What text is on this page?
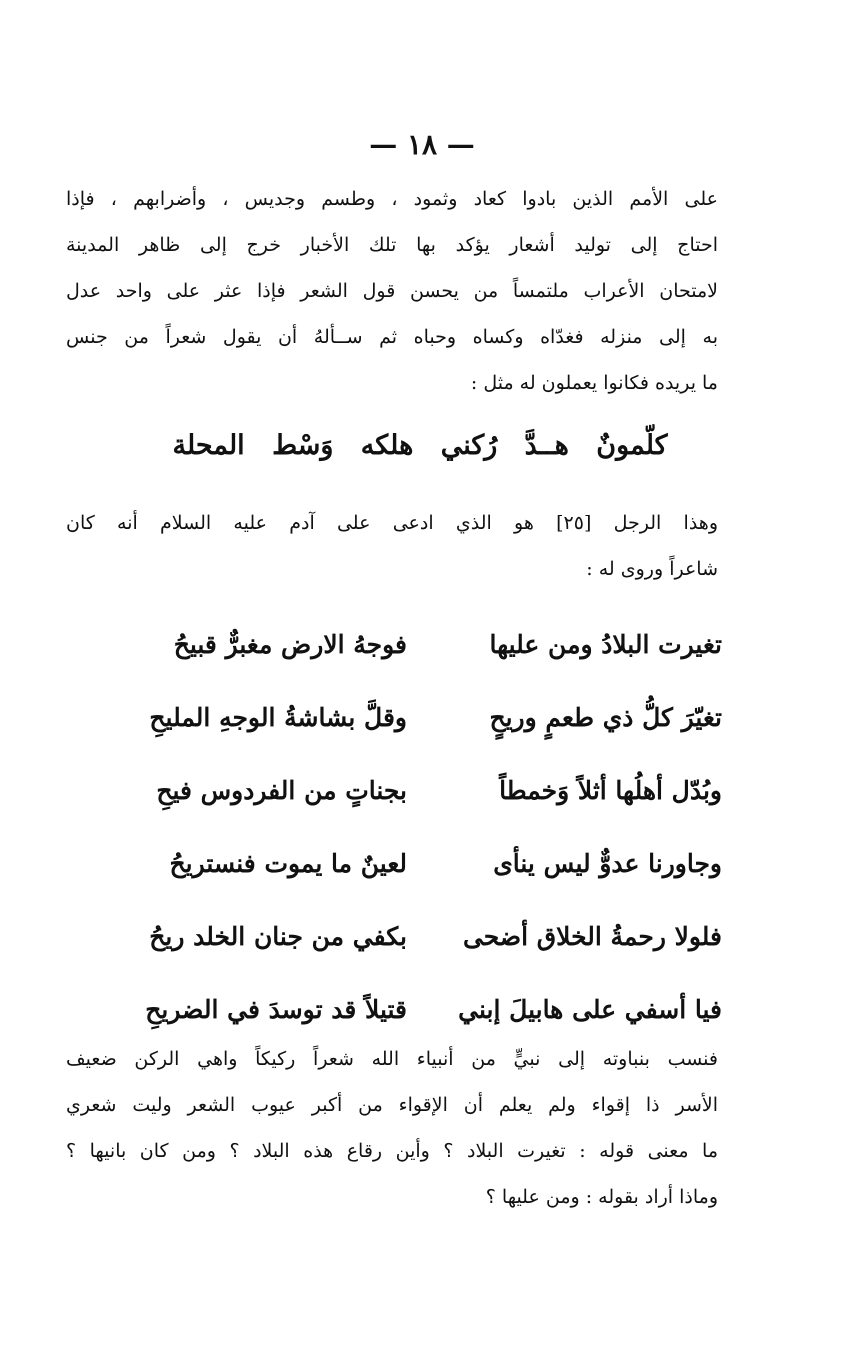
— ١٨ —
على الأمم الذين بادوا كعاد وثمود ، وطسم وجديس ، وأضرابهم ، فإذا
احتاج إلى توليد أشعار يؤكد بها تلك الأخبار خرج إلى ظاهر المدينة
لامتحان الأعراب ملتمساً من يحسن قول الشعر فإذا عثر على واحد عدل
به إلى منزله فغدّاه وكساه وحباه ثم ســألهُ أن يقول شعراً من جنس
ما يريده فكانوا يعملون له مثل :
كلّمونٌ هــدَّ رُكني هلكه وَسْط المحلة
وهذا الرجل [٢٥] هو الذي ادعى على آدم عليه السلام أنه كان
شاعراً وروى له :
تغيرت البلادُ ومن عليها
فوجهُ الارض مغبرٌّ قبيحُ
تغيّرَ كلُّ ذي طعمٍ وريحٍ
وقلَّ بشاشةُ الوجهِ المليحِ
وبُدّل أهلُها أثلاً وَخمطاً
بجناتٍ من الفردوس فيحِ
وجاورنا عدوٌّ ليس ينأى
لعينٌ ما يموت فنستريحُ
فلولا رحمةُ الخلاق أضحى
بكفي من جنان الخلد ريحُ
فيا أسفي على هابيلَ إبني
قتيلاً قد توسدَ في الضريحِ
فنسب بنباوته إلى نبيٍّ من أنبياء الله شعراً ركيكاً واهي الركن ضعيف
الأسر ذا إقواء ولم يعلم أن الإقواء من أكبر عيوب الشعر وليت شعري
ما معنى قوله : تغيرت البلاد ؟ وأين رقاع هذه البلاد ؟ ومن كان بانيها ؟
وماذا أراد بقوله : ومن عليها ؟
